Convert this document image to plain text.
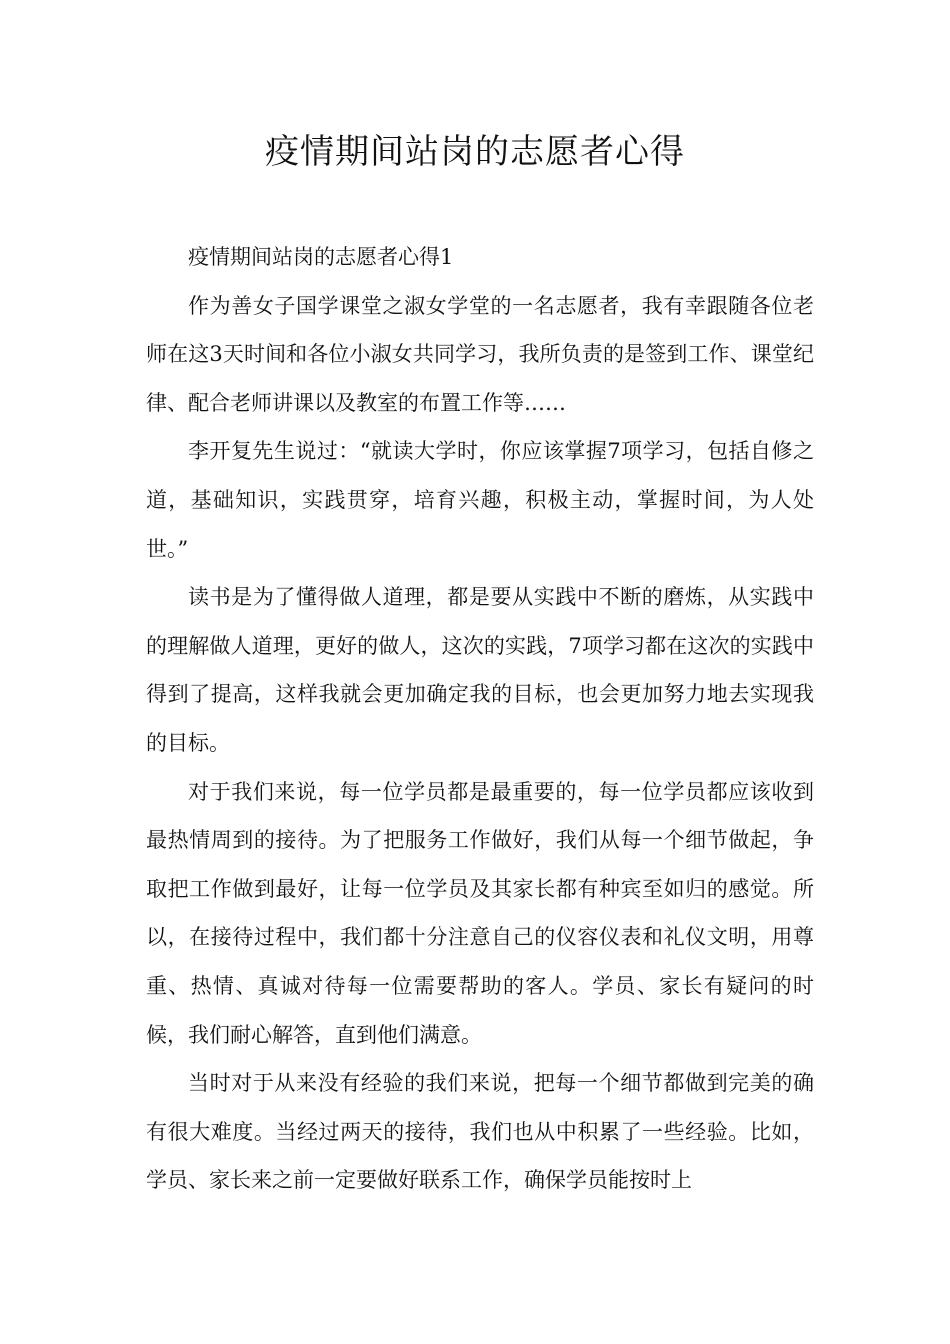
疫情期间站岗的志愿者心得

疫情期间站岗的志愿者心得1

作为善女子国学课堂之淑女学堂的一名志愿者，我有幸跟随各位老师在这3天时间和各位小淑女共同学习，我所负责的是签到工作、课堂纪律、配合老师讲课以及教室的布置工作等……

李开复先生说过：“就读大学时，你应该掌握7项学习，包括自修之道，基础知识，实践贯穿，培育兴趣，积极主动，掌握时间，为人处世。”

读书是为了懂得做人道理，都是要从实践中不断的磨炼，从实践中的理解做人道理，更好的做人，这次的实践，7项学习都在这次的实践中得到了提高，这样我就会更加确定我的目标，也会更加努力地去实现我的目标。

对于我们来说，每一位学员都是最重要的，每一位学员都应该收到最热情周到的接待。为了把服务工作做好，我们从每一个细节做起，争取把工作做到最好，让每一位学员及其家长都有种宾至如归的感觉。所以，在接待过程中，我们都十分注意自己的仪容仪表和礼仪文明，用尊重、热情、真诚对待每一位需要帮助的客人。学员、家长有疑问的时候，我们耐心解答，直到他们满意。

当时对于从来没有经验的我们来说，把每一个细节都做到完美的确有很大难度。当经过两天的接待，我们也从中积累了一些经验。比如，学员、家长来之前一定要做好联系工作，确保学员能按时上
